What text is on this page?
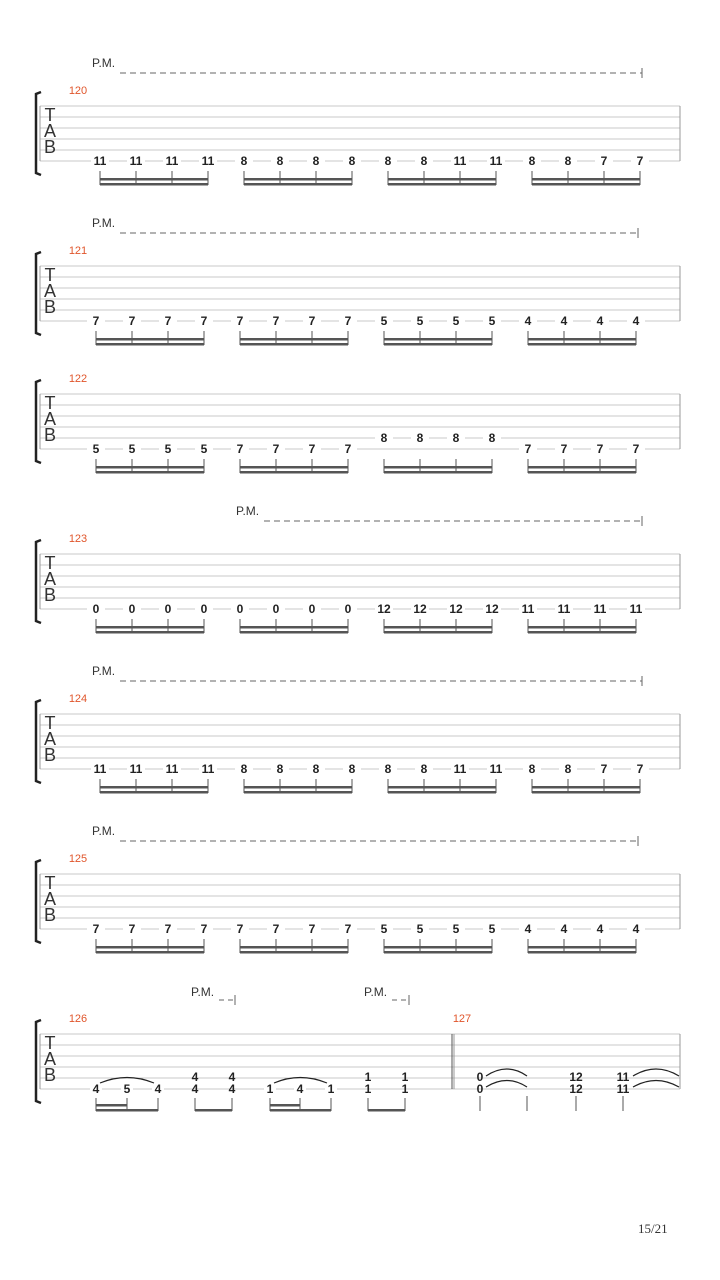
T
A
B
120
P.M.
11 11 11 11 8 8 8 8 8 8 11 11 8 8 7 7
T
A
B
121
P.M.
7 7 7 7 7 7 7 7 5 5 5 5 4 4 4 4
T
A
B
122
5 5 5 5 7 7 7 7
8 8 8 8
7 7 7 7
T
A
B
123
P.M.
0 0 0 0 0 0 0 0 12 12 12 12 11 11 11 11
T
A
B
124
P.M.
11 11 11 11 8 8 8 8 8 8 11 11 8 8 7 7
T
A
B
125
P.M.
7 7 7 7 7 7 7 7 5 5 5 5 4 4 4 4
T
A
B
126	127
P.M.	P.M.
4 5 4	1 4 1
4
4
4
4
1
1
1
1
0
0
12
12
11
11
15/21
